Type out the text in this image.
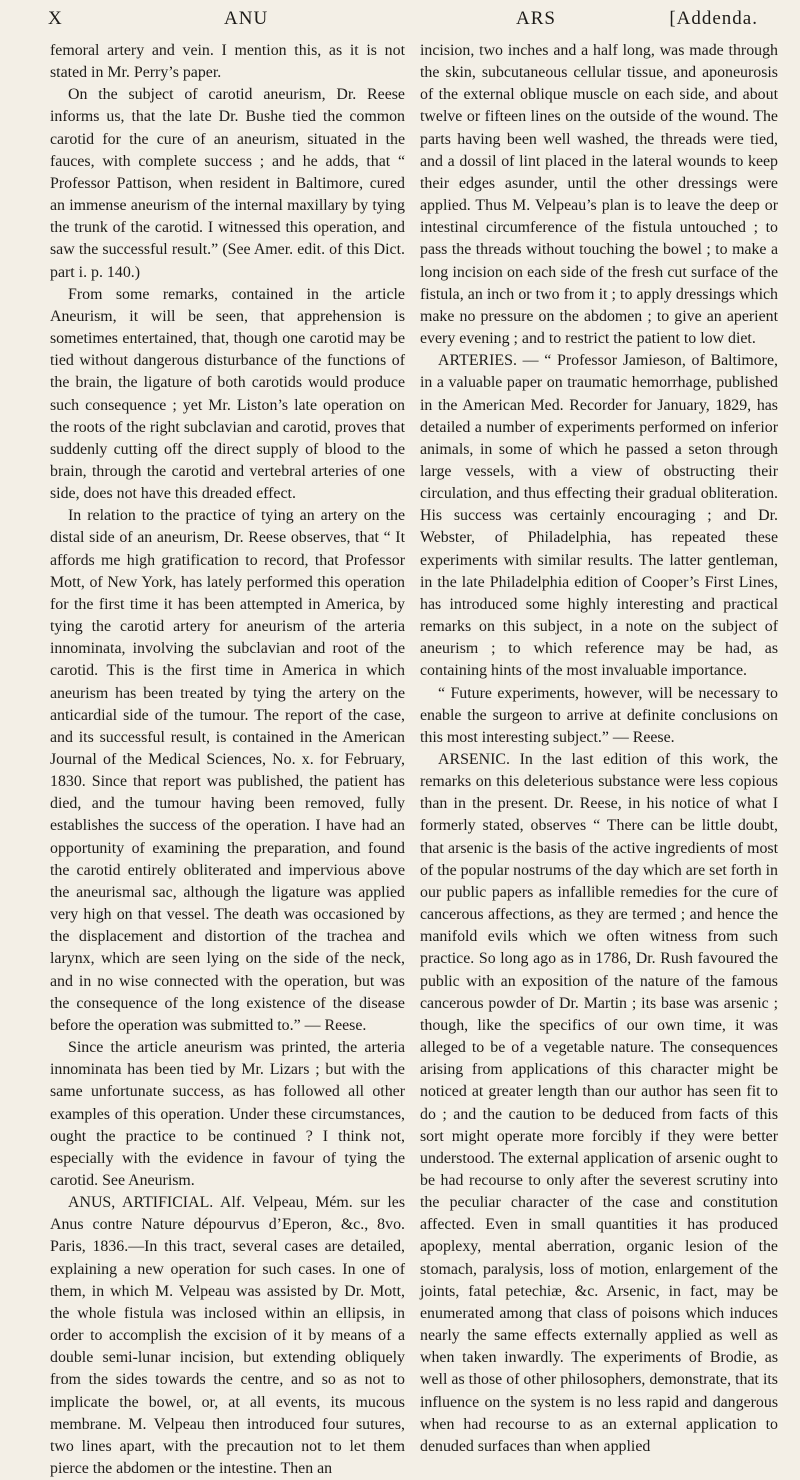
X	ANU	ARS	[Addenda.

femoral artery and vein. I mention this, as it is not stated in Mr. Perry’s paper.

On the subject of carotid aneurism, Dr. Reese informs us, that the late Dr. Bushe tied the common carotid for the cure of an aneurism, situated in the fauces, with complete success ; and he adds, that “ Professor Pattison, when resident in Baltimore, cured an immense aneurism of the internal maxillary by tying the trunk of the carotid. I witnessed this operation, and saw the successful result.” (See Amer. edit. of this Dict. part i. p. 140.)

From some remarks, contained in the article Aneurism, it will be seen, that apprehension is sometimes entertained, that, though one carotid may be tied without dangerous disturbance of the functions of the brain, the ligature of both carotids would produce such consequence ; yet Mr. Liston’s late operation on the roots of the right subclavian and carotid, proves that suddenly cutting off the direct supply of blood to the brain, through the carotid and vertebral arteries of one side, does not have this dreaded effect.

In relation to the practice of tying an artery on the distal side of an aneurism, Dr. Reese observes, that “ It affords me high gratification to record, that Professor Mott, of New York, has lately performed this operation for the first time it has been attempted in America, by tying the carotid artery for aneurism of the arteria innominata, involving the subclavian and root of the carotid. This is the first time in America in which aneurism has been treated by tying the artery on the anticardial side of the tumour. The report of the case, and its successful result, is contained in the American Journal of the Medical Sciences, No. x. for February, 1830. Since that report was published, the patient has died, and the tumour having been removed, fully establishes the success of the operation. I have had an opportunity of examining the preparation, and found the carotid entirely obliterated and impervious above the aneurismal sac, although the ligature was applied very high on that vessel. The death was occasioned by the displacement and distortion of the trachea and larynx, which are seen lying on the side of the neck, and in no wise connected with the operation, but was the consequence of the long existence of the disease before the operation was submitted to.” — Reese.

Since the article aneurism was printed, the arteria innominata has been tied by Mr. Lizars ; but with the same unfortunate success, as has followed all other examples of this operation. Under these circumstances, ought the practice to be continued ? I think not, especially with the evidence in favour of tying the carotid. See Aneurism.

ANUS, ARTIFICIAL. Alf. Velpeau, Mém. sur les Anus contre Nature dépourvus d’Eperon, &c., 8vo. Paris, 1836.—In this tract, several cases are detailed, explaining a new operation for such cases. In one of them, in which M. Velpeau was assisted by Dr. Mott, the whole fistula was inclosed within an ellipsis, in order to accomplish the excision of it by means of a double semi-lunar incision, but extending obliquely from the sides towards the centre, and so as not to implicate the bowel, or, at all events, its mucous membrane. M. Velpeau then introduced four sutures, two lines apart, with the precaution not to let them pierce the abdomen or the intestine. Then an

incision, two inches and a half long, was made through the skin, subcutaneous cellular tissue, and aponeurosis of the external oblique muscle on each side, and about twelve or fifteen lines on the outside of the wound. The parts having been well washed, the threads were tied, and a dossil of lint placed in the lateral wounds to keep their edges asunder, until the other dressings were applied. Thus M. Velpeau’s plan is to leave the deep or intestinal circumference of the fistula untouched ; to pass the threads without touching the bowel ; to make a long incision on each side of the fresh cut surface of the fistula, an inch or two from it ; to apply dressings which make no pressure on the abdomen ; to give an aperient every evening ; and to restrict the patient to low diet.

ARTERIES. — “ Professor Jamieson, of Baltimore, in a valuable paper on traumatic hemorrhage, published in the American Med. Recorder for January, 1829, has detailed a number of experiments performed on inferior animals, in some of which he passed a seton through large vessels, with a view of obstructing their circulation, and thus effecting their gradual obliteration. His success was certainly encouraging ; and Dr. Webster, of Philadelphia, has repeated these experiments with similar results. The latter gentleman, in the late Philadelphia edition of Cooper’s First Lines, has introduced some highly interesting and practical remarks on this subject, in a note on the subject of aneurism ; to which reference may be had, as containing hints of the most invaluable importance.

“ Future experiments, however, will be necessary to enable the surgeon to arrive at definite conclusions on this most interesting subject.” — Reese.

ARSENIC. In the last edition of this work, the remarks on this deleterious substance were less copious than in the present. Dr. Reese, in his notice of what I formerly stated, observes “ There can be little doubt, that arsenic is the basis of the active ingredients of most of the popular nostrums of the day which are set forth in our public papers as infallible remedies for the cure of cancerous affections, as they are termed ; and hence the manifold evils which we often witness from such practice. So long ago as in 1786, Dr. Rush favoured the public with an exposition of the nature of the famous cancerous powder of Dr. Martin ; its base was arsenic ; though, like the specifics of our own time, it was alleged to be of a vegetable nature. The consequences arising from applications of this character might be noticed at greater length than our author has seen fit to do ; and the caution to be deduced from facts of this sort might operate more forcibly if they were better understood. The external application of arsenic ought to be had recourse to only after the severest scrutiny into the peculiar character of the case and constitution affected. Even in small quantities it has produced apoplexy, mental aberration, organic lesion of the stomach, paralysis, loss of motion, enlargement of the joints, fatal petechiæ, &c. Arsenic, in fact, may be enumerated among that class of poisons which induces nearly the same effects externally applied as well as when taken inwardly. The experiments of Brodie, as well as those of other philosophers, demonstrate, that its influence on the system is no less rapid and dangerous when had recourse to as an external application to denuded surfaces than when applied
